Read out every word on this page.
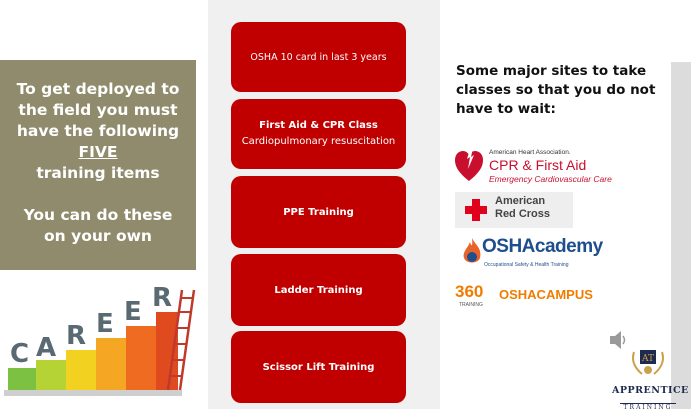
To get deployed to

the field you must

have the following

FIVE

training items

You can do these

on your own

OSHA 10 card in last 3 years
First Aid & CPR Class
Cardiopulmonary resuscitation
PPE Training
Ladder Training
Scissor Lift Training
Some major sites to take classes so that you do not have to wait:
American Heart Association.
CPR & First Aid
Emergency Cardiovascular Care
American
Red Cross
OSHAcademy
Occupational Safety & Health Training
360
TRAINING
OSHACAMPUS
AT
APPRENTICE
TRAINING
C A R E E R
